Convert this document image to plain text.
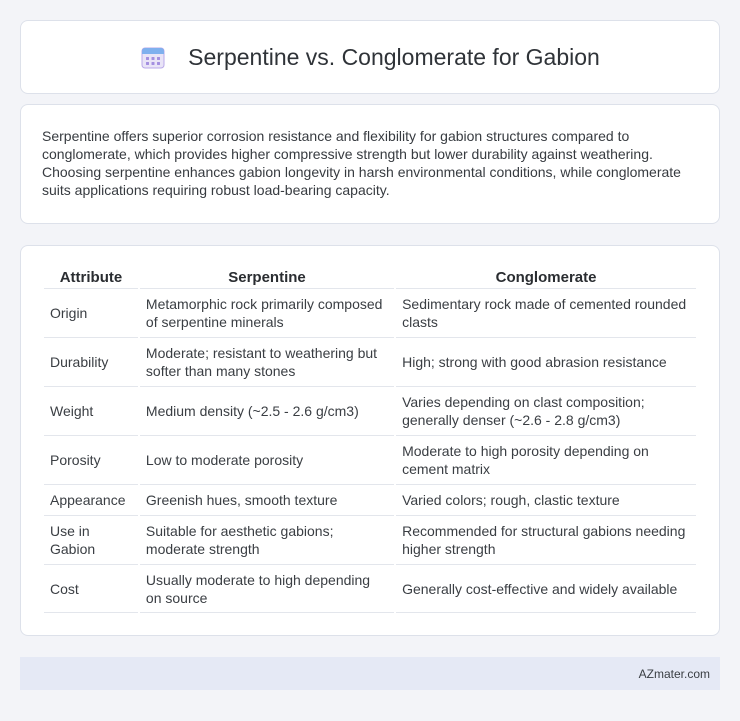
Serpentine vs. Conglomerate for Gabion

Serpentine offers superior corrosion resistance and flexibility for gabion structures compared to conglomerate, which provides higher compressive strength but lower durability against weathering. Choosing serpentine enhances gabion longevity in harsh environmental conditions, while conglomerate suits applications requiring robust load-bearing capacity.

Attribute	Serpentine	Conglomerate
Origin	Metamorphic rock primarily composed of serpentine minerals	Sedimentary rock made of cemented rounded clasts
Durability	Moderate; resistant to weathering but softer than many stones	High; strong with good abrasion resistance
Weight	Medium density (~2.5 - 2.6 g/cm3)	Varies depending on clast composition; generally denser (~2.6 - 2.8 g/cm3)
Porosity	Low to moderate porosity	Moderate to high porosity depending on cement matrix
Appearance	Greenish hues, smooth texture	Varied colors; rough, clastic texture
Use in Gabion	Suitable for aesthetic gabions; moderate strength	Recommended for structural gabions needing higher strength
Cost	Usually moderate to high depending on source	Generally cost-effective and widely available
AZmater.com
